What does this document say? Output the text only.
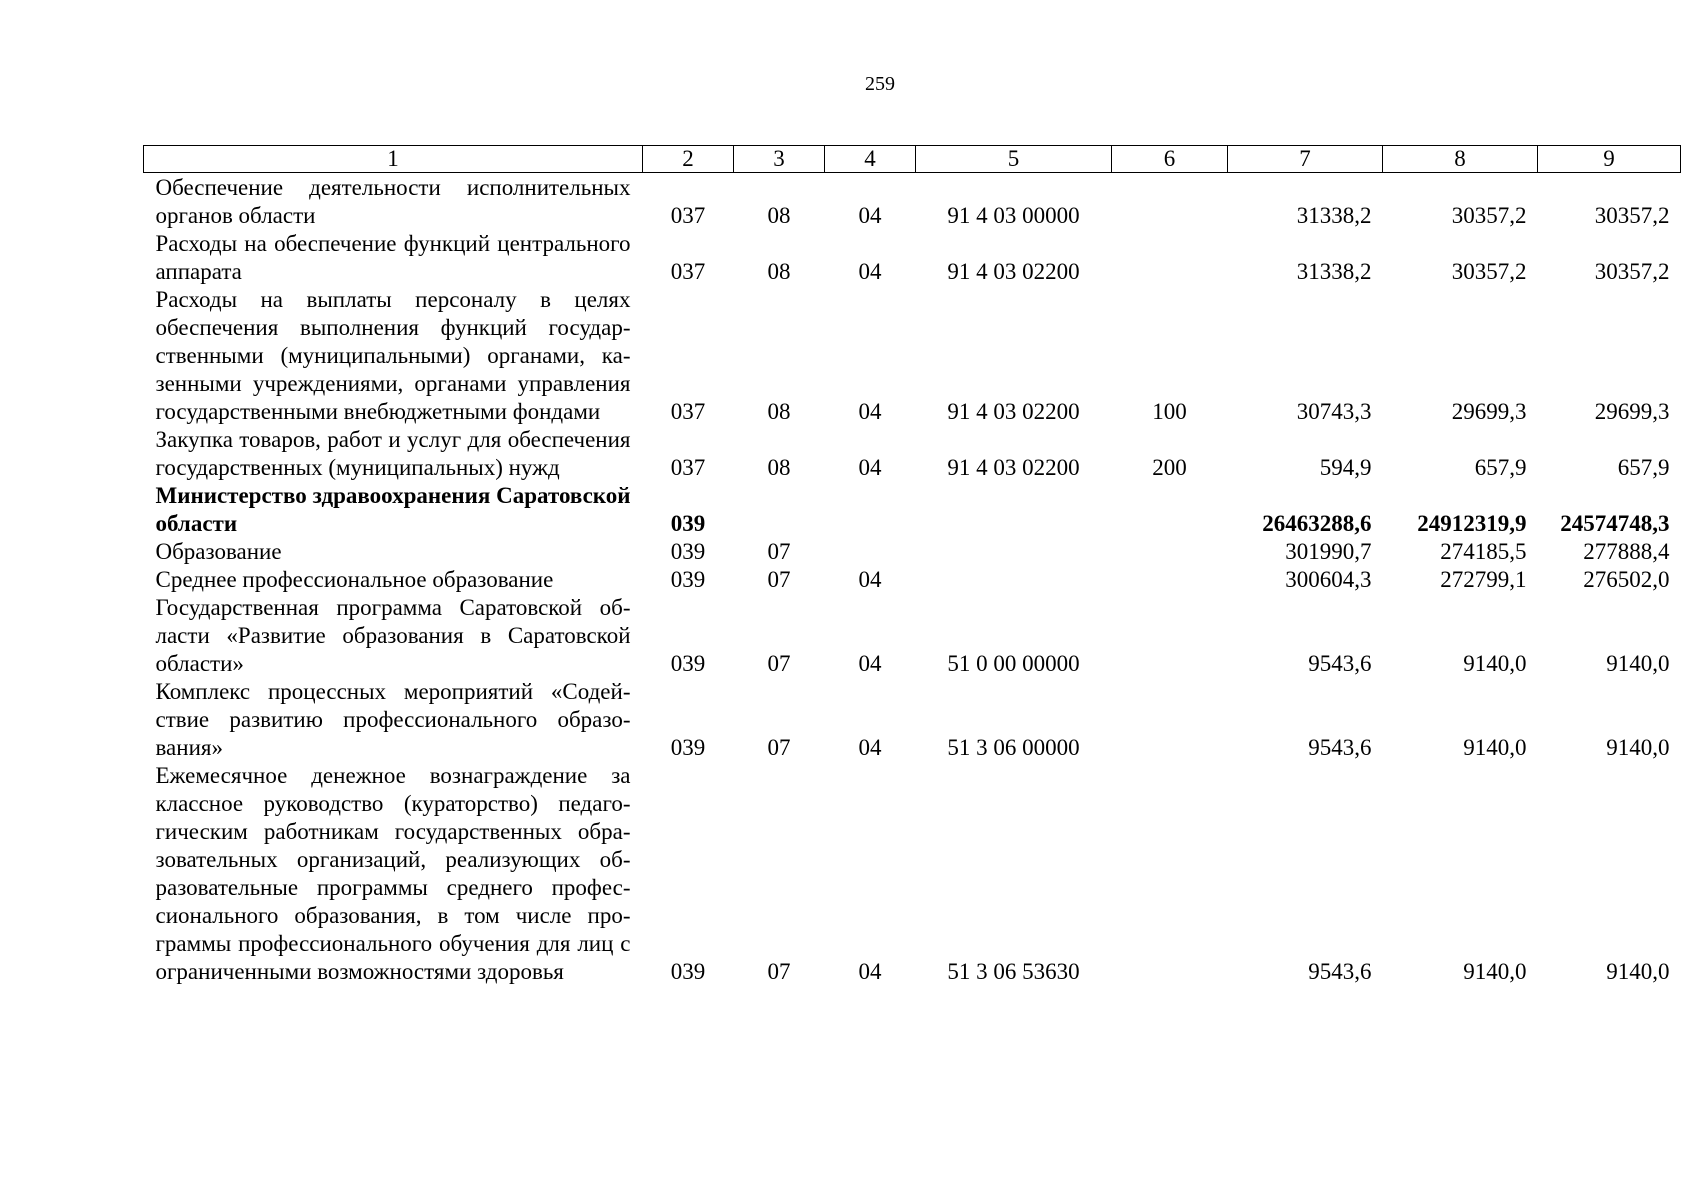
259
1	2	3	4	5	6	7	8	9
Обеспечение деятельности исполнительных органов области	037	08	04	91 4 03 00000		31338,2	30357,2	30357,2
Расходы на обеспечение функций центрального аппарата	037	08	04	91 4 03 02200		31338,2	30357,2	30357,2
Расходы на выплаты персоналу в целях обеспечения выполнения функций государственными (муниципальными) органами, казенными учреждениями, органами управления государственными внебюджетными фондами	037	08	04	91 4 03 02200	100	30743,3	29699,3	29699,3
Закупка товаров, работ и услуг для обеспечения государственных (муниципальных) нужд	037	08	04	91 4 03 02200	200	594,9	657,9	657,9
Министерство здравоохранения Саратовской области	039					26463288,6	24912319,9	24574748,3
Образование	039	07				301990,7	274185,5	277888,4
Среднее профессиональное образование	039	07	04			300604,3	272799,1	276502,0
Государственная программа Саратовской области «Развитие образования в Саратовской области»	039	07	04	51 0 00 00000		9543,6	9140,0	9140,0
Комплекс процессных мероприятий «Содействие развитию профессионального образования»	039	07	04	51 3 06 00000		9543,6	9140,0	9140,0
Ежемесячное денежное вознаграждение за классное руководство (кураторство) педагогическим работникам государственных образовательных организаций, реализующих образовательные программы среднего профессионального образования, в том числе программы профессионального обучения для лиц с ограниченными возможностями здоровья	039	07	04	51 3 06 53630		9543,6	9140,0	9140,0
